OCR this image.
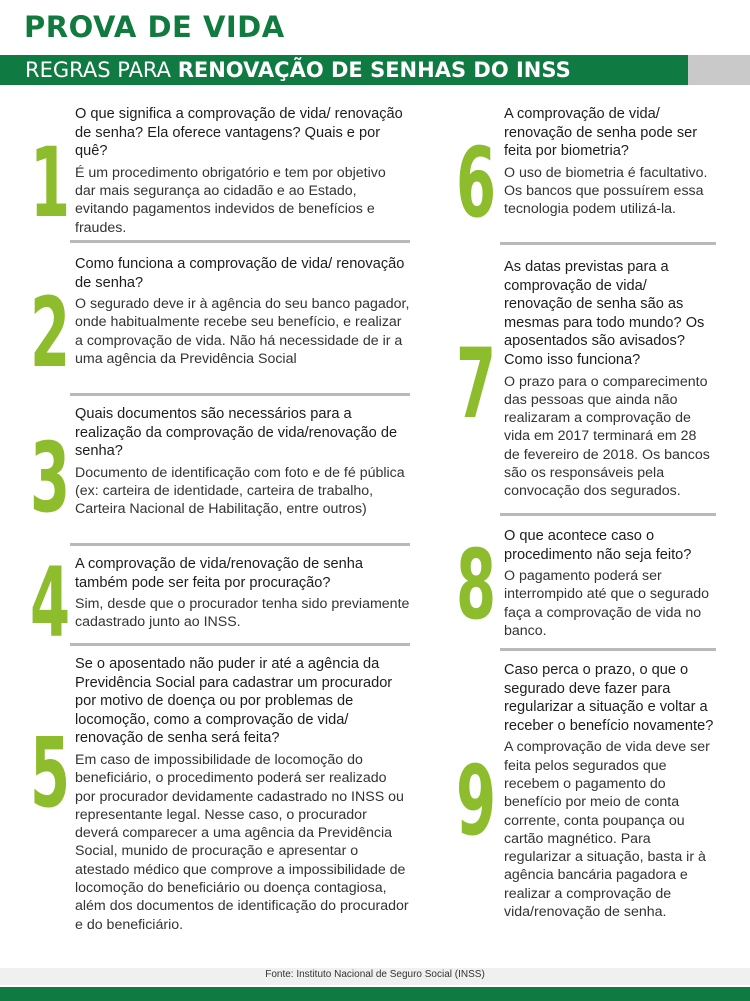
PROVA DE VIDA
REGRAS PARA RENOVAÇÃO DE SENHAS DO INSS
1
O que significa a comprovação de vida/ renovação de senha? Ela oferece vantagens? Quais e por quê?
É um procedimento obrigatório e tem por objetivo dar mais segurança ao cidadão e ao Estado, evitando pagamentos indevidos de benefícios e fraudes.
2
Como funciona a comprovação de vida/ renovação de senha?
O segurado deve ir à agência do seu banco pagador, onde habitualmente recebe seu benefício, e realizar a comprovação de vida. Não há necessidade de ir a uma agência da Previdência Social
3
Quais documentos são necessários para a realização da comprovação de vida/renovação de senha?
Documento de identificação com foto e de fé pública (ex: carteira de identidade, carteira de trabalho, Carteira Nacional de Habilitação, entre outros)
4 A comprovação de vida/renovação de senha também pode ser feita por procuração?
Sim, desde que o procurador tenha sido previamente cadastrado junto ao INSS.
5
Se o aposentado não puder ir até a agência da Previdência Social para cadastrar um procurador por motivo de doença ou por problemas de locomoção, como a comprovação de vida/ renovação de senha será feita?
Em caso de impossibilidade de locomoção do beneficiário, o procedimento poderá ser realizado por procurador devidamente cadastrado no INSS ou representante legal. Nesse caso, o procurador deverá comparecer a uma agência da Previdência Social, munido de procuração e apresentar o atestado médico que comprove a impossibilidade de locomoção do beneficiário ou doença contagiosa, além dos documentos de identificação do procurador e do beneficiário.
6
A comprovação de vida/ renovação de senha pode ser feita por biometria?
O uso de biometria é facultativo. Os bancos que possuírem essa tecnologia podem utilizá-la.
7
As datas previstas para a comprovação de vida/ renovação de senha são as mesmas para todo mundo? Os aposentados são avisados? Como isso funciona?
O prazo para o comparecimento das pessoas que ainda não realizaram a comprovação de vida em 2017 terminará em 28 de fevereiro de 2018. Os bancos são os responsáveis pela convocação dos segurados.
8 O que acontece caso o procedimento não seja feito?
O pagamento poderá ser interrompido até que o segurado faça a comprovação de vida no banco.
9
Caso perca o prazo, o que o segurado deve fazer para regularizar a situação e voltar a receber o benefício novamente?
A comprovação de vida deve ser feita pelos segurados que recebem o pagamento do benefício por meio de conta corrente, conta poupança ou cartão magnético. Para regularizar a situação, basta ir à agência bancária pagadora e realizar a comprovação de vida/renovação de senha.
Fonte: Instituto Nacional de Seguro Social (INSS)
